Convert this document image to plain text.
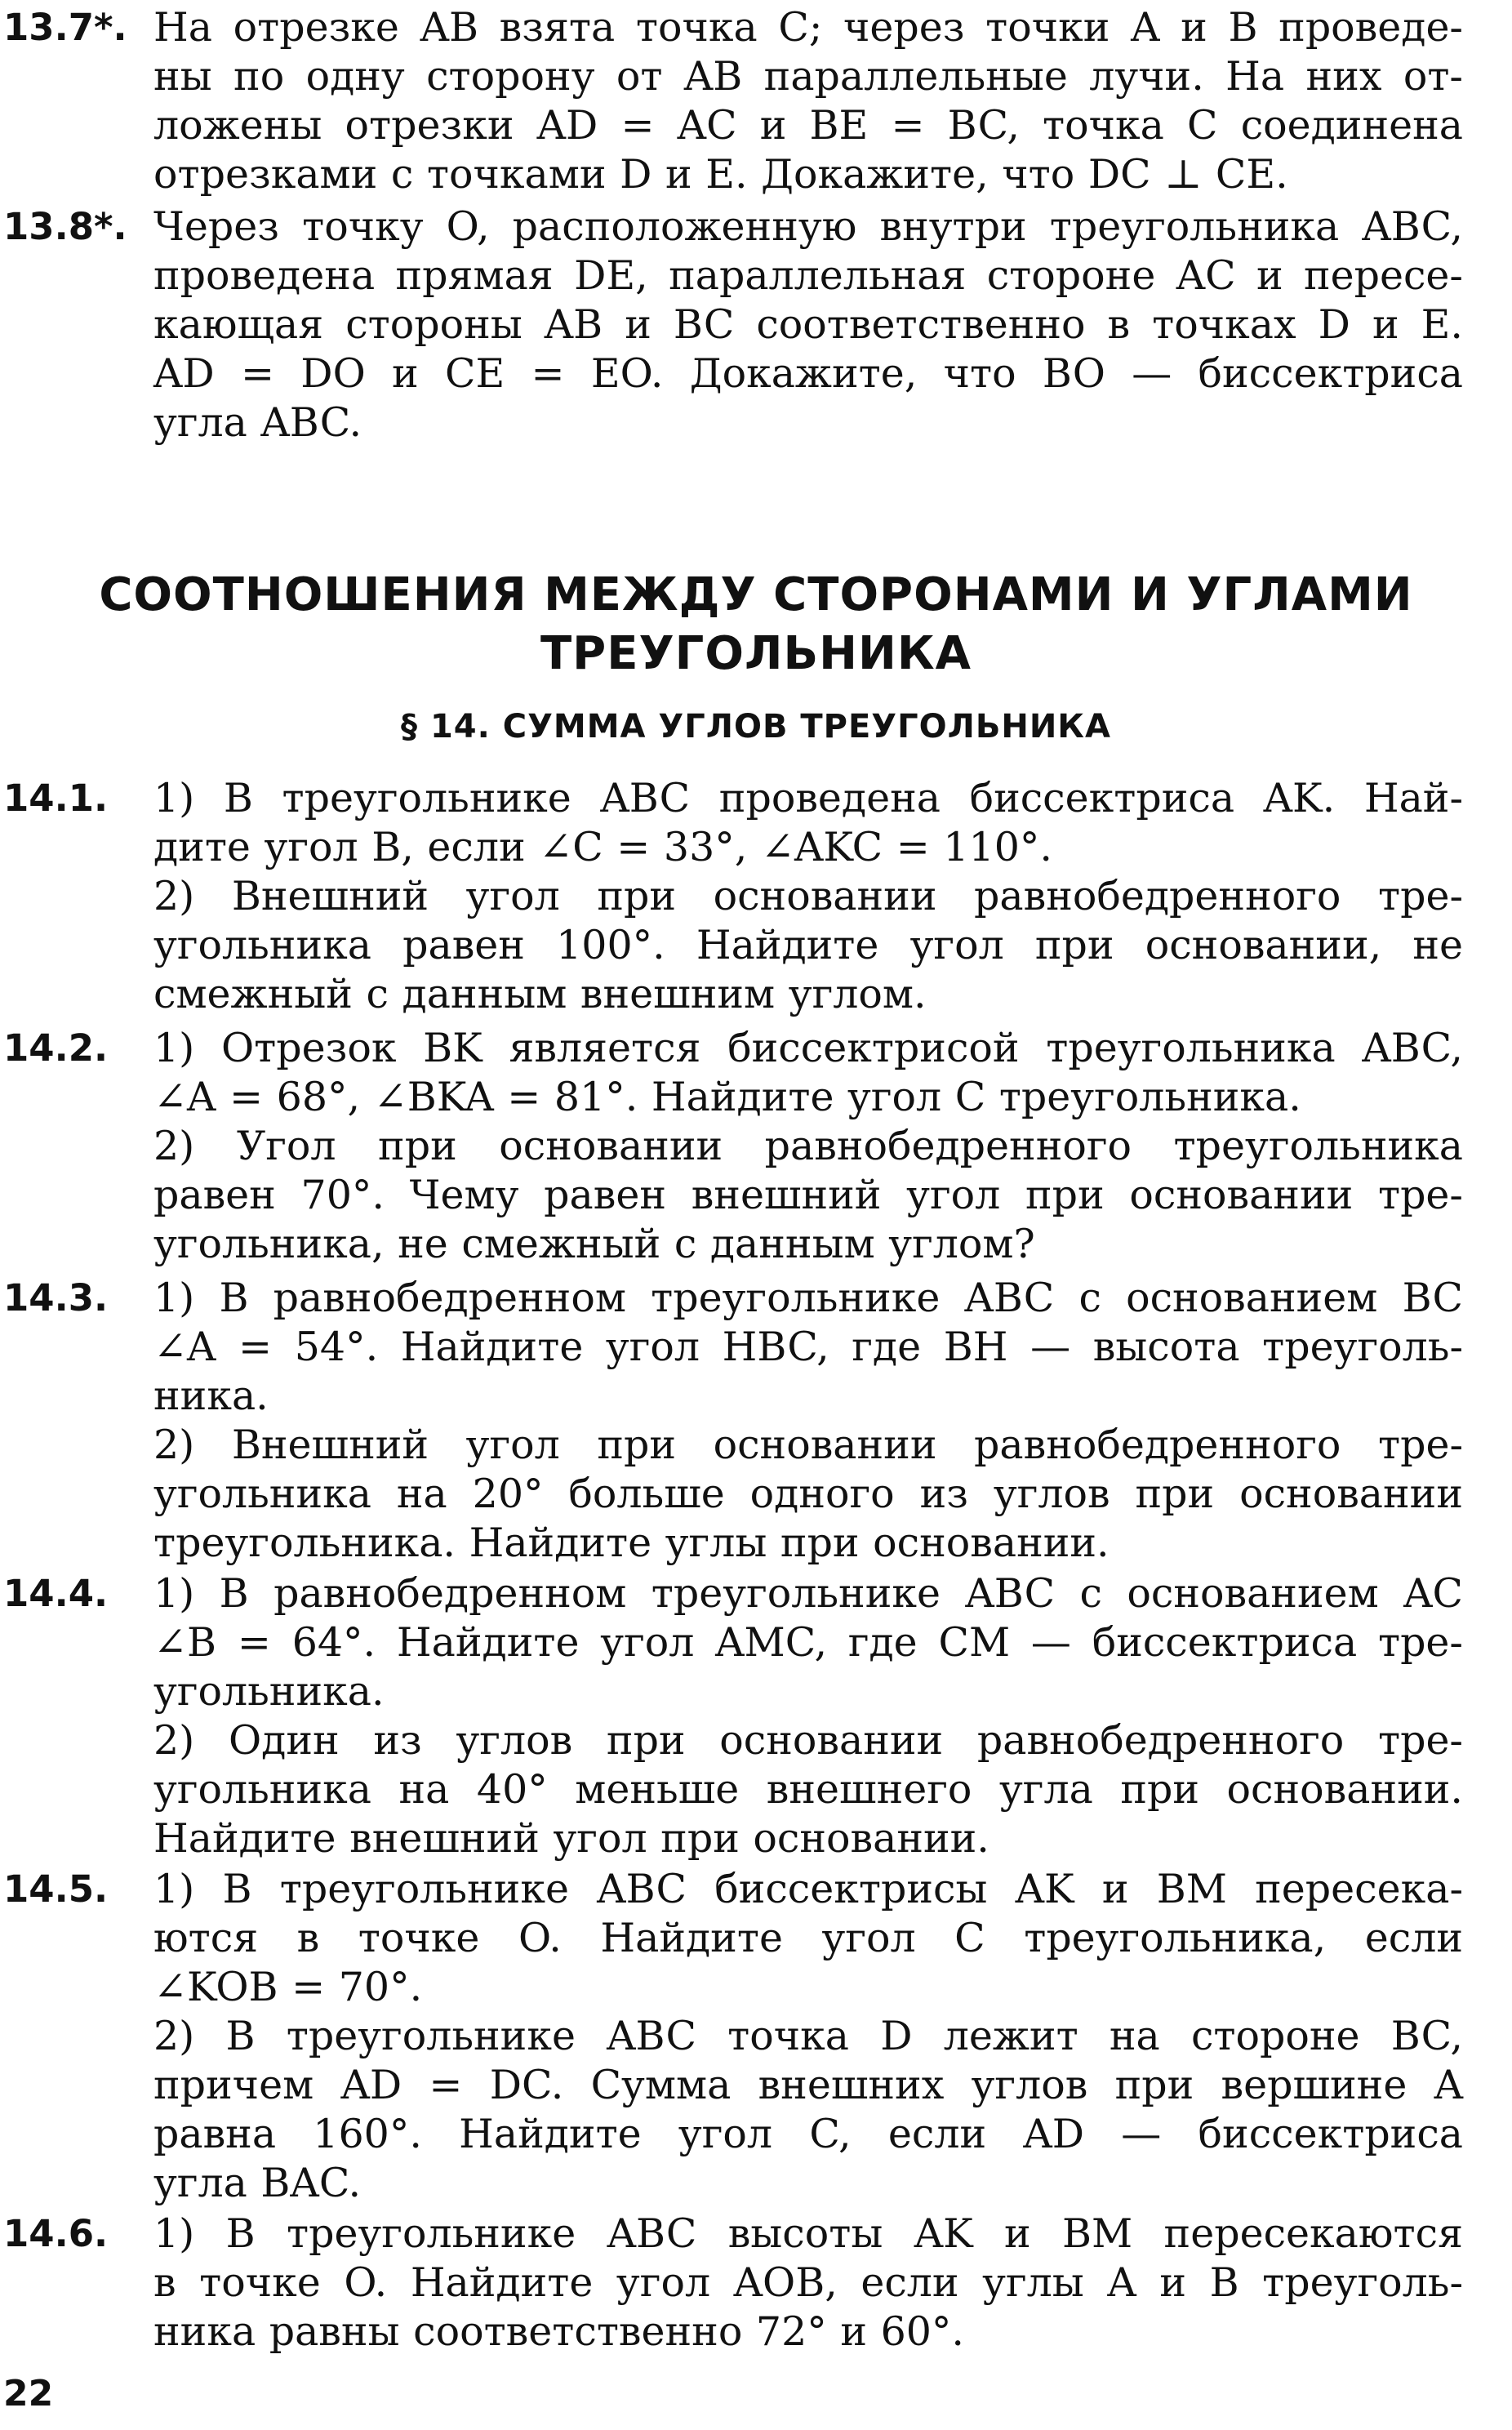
13.7*. На отрезке AB взята точка C; через точки A и B проведе-
ны по одну сторону от AB параллельные лучи. На них от-
ложены отрезки AD = AC и BE = BC, точка C соединена
отрезками с точками D и E. Докажите, что DC ⊥ CE.
13.8*. Через точку O, расположенную внутри треугольника ABC,
проведена прямая DE, параллельная стороне AC и пересе-
кающая стороны AB и BC соответственно в точках D и E.
AD = DO и CE = EO. Докажите, что BO — биссектриса
угла ABC.
СООТНОШЕНИЯ МЕЖДУ СТОРОНАМИ И УГЛАМИ
ТРЕУГОЛЬНИКА
§ 14. СУММА УГЛОВ ТРЕУГОЛЬНИКА
14.1. 1) В треугольнике ABC проведена биссектриса AK. Най-
дите угол B, если ∠C = 33°, ∠AKC = 110°.
2) Внешний угол при основании равнобедренного тре-
угольника равен 100°. Найдите угол при основании, не
смежный с данным внешним углом.
14.2. 1) Отрезок BK является биссектрисой треугольника ABC,
∠A = 68°, ∠BKA = 81°. Найдите угол C треугольника.
2) Угол при основании равнобедренного треугольника
равен 70°. Чему равен внешний угол при основании тре-
угольника, не смежный с данным углом?
14.3. 1) В равнобедренном треугольнике ABC с основанием BC
∠A = 54°. Найдите угол HBC, где BH — высота треуголь-
ника.
2) Внешний угол при основании равнобедренного тре-
угольника на 20° больше одного из углов при основании
треугольника. Найдите углы при основании.
14.4. 1) В равнобедренном треугольнике ABC с основанием AC
∠B = 64°. Найдите угол AMC, где CM — биссектриса тре-
угольника.
2) Один из углов при основании равнобедренного тре-
угольника на 40° меньше внешнего угла при основании.
Найдите внешний угол при основании.
14.5. 1) В треугольнике ABC биссектрисы AK и BM пересека-
ются в точке O. Найдите угол C треугольника, если
∠KOB = 70°.
2) В треугольнике ABC точка D лежит на стороне BC,
причем AD = DC. Сумма внешних углов при вершине A
равна 160°. Найдите угол C, если AD — биссектриса
угла BAC.
14.6. 1) В треугольнике ABC высоты AK и BM пересекаются
в точке O. Найдите угол AOB, если углы A и B треуголь-
ника равны соответственно 72° и 60°.
22
